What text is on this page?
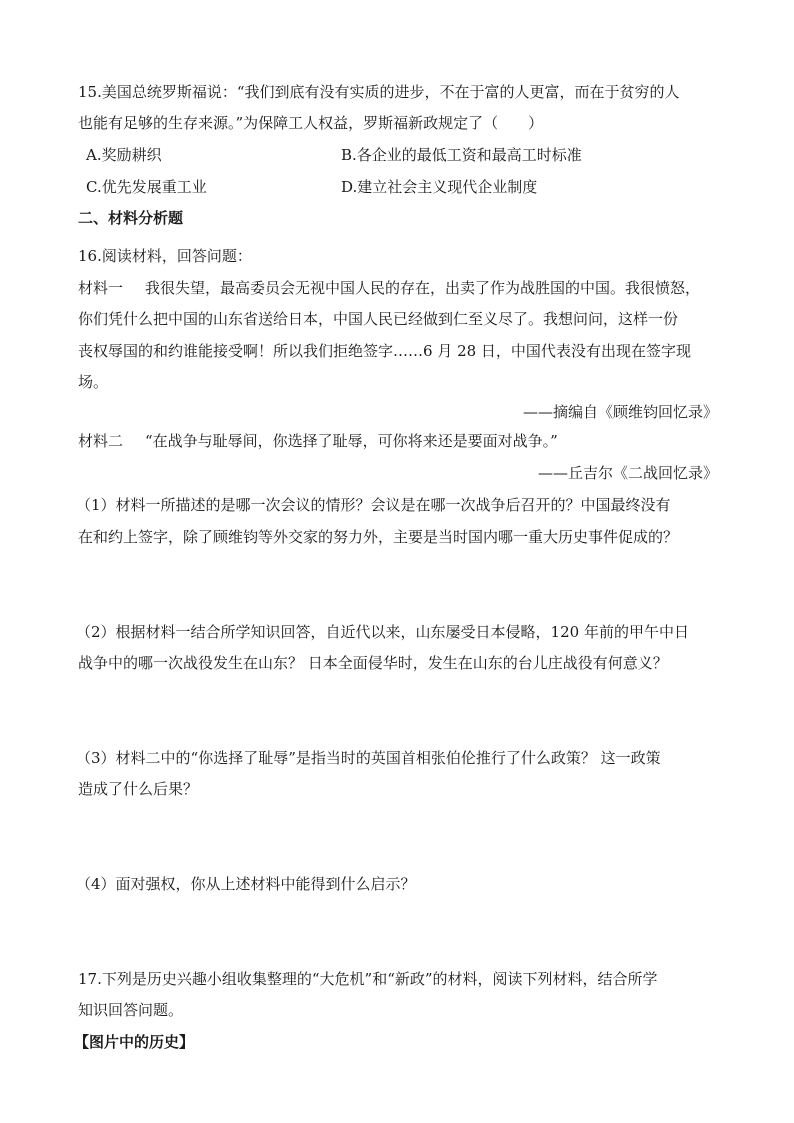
15.美国总统罗斯福说：“我们到底有没有实质的进步，不在于富的人更富，而在于贫穷的人
也能有足够的生存来源。”为保障工人权益，罗斯福新政规定了（　　）
A.奖励耕织	B.各企业的最低工资和最高工时标准
C.优先发展重工业	D.建立社会主义现代企业制度
二、材料分析题
16.阅读材料，回答问题：
材料一 我很失望，最高委员会无视中国人民的存在，出卖了作为战胜国的中国。我很愤怒，
你们凭什么把中国的山东省送给日本，中国人民已经做到仁至义尽了。我想问问，这样一份
丧权辱国的和约谁能接受啊！所以我们拒绝签字……6 月 28 日，中国代表没有出现在签字现
场。
——摘编自《顾维钧回忆录》
材料二 “在战争与耻辱间，你选择了耻辱，可你将来还是要面对战争。”
——丘吉尔《二战回忆录》
（1）材料一所描述的是哪一次会议的情形？会议是在哪一次战争后召开的？中国最终没有
在和约上签字，除了顾维钧等外交家的努力外，主要是当时国内哪一重大历史事件促成的？
（2）根据材料一结合所学知识回答，自近代以来，山东屡受日本侵略，120 年前的甲午中日
战争中的哪一次战役发生在山东？ 日本全面侵华时，发生在山东的台儿庄战役有何意义？
（3）材料二中的“你选择了耻辱”是指当时的英国首相张伯伦推行了什么政策？ 这一政策
造成了什么后果？
（4）面对强权，你从上述材料中能得到什么启示？
17.下列是历史兴趣小组收集整理的“大危机”和“新政”的材料，阅读下列材料，结合所学
知识回答问题。
【图片中的历史】
